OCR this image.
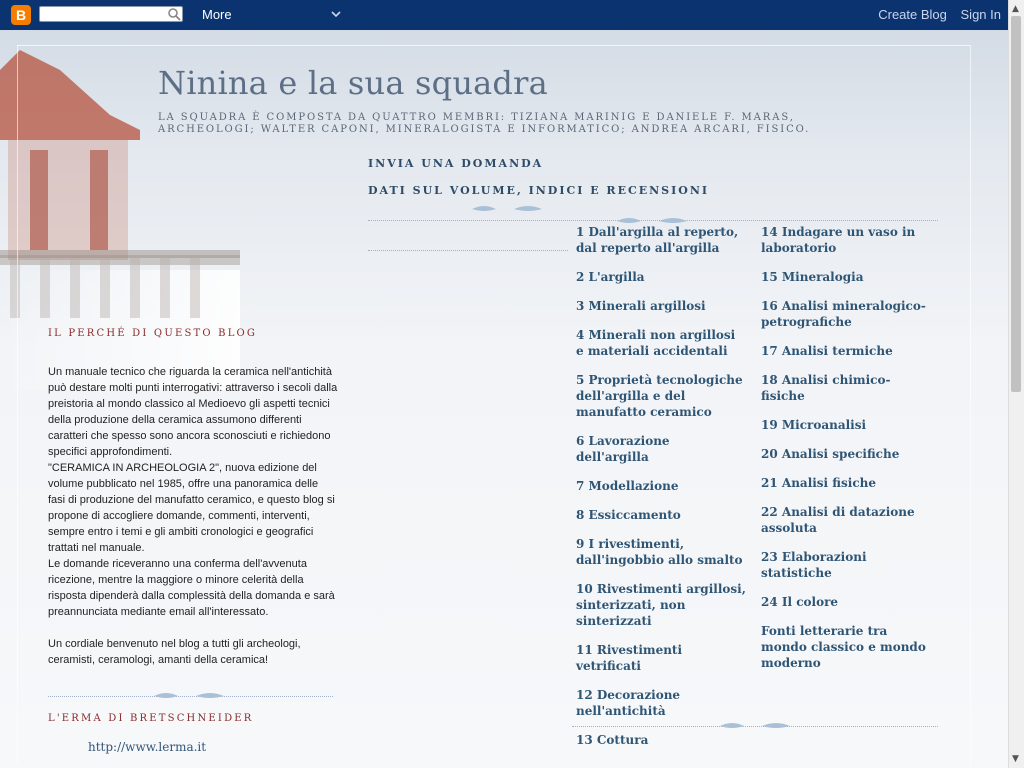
B	More	Create Blog Sign In ▲
▼
Ninina e la sua squadra
LA SQUADRA È COMPOSTA DA QUATTRO MEMBRI: TIZIANA MARINIG E DANIELE F. MARAS, ARCHEOLOGI; WALTER CAPONI, MINERALOGISTA E INFORMATICO; ANDREA ARCARI, FISICO.
INVIA UNA DOMANDA
DATI SUL VOLUME, INDICI E RECENSIONI
IL PERCHÉ DI QUESTO BLOG

Un manuale tecnico che riguarda la ceramica nell'antichità può destare molti punti interrogativi: attraverso i secoli dalla preistoria al mondo classico al Medioevo gli aspetti tecnici della produzione della ceramica assumono differenti caratteri che spesso sono ancora sconosciuti e richiedono specifici approfondimenti.

"CERAMICA IN ARCHEOLOGIA 2", nuova edizione del volume pubblicato nel 1985, offre una panoramica delle fasi di produzione del manufatto ceramico, e questo blog si propone di accogliere domande, commenti, interventi, sempre entro i temi e gli ambiti cronologici e geografici trattati nel manuale.

Le domande riceveranno una conferma dell'avvenuta ricezione, mentre la maggiore o minore celerità della risposta dipenderà dalla complessità della domanda e sarà preannunciata mediante email all'interessato.

Un cordiale benvenuto nel blog a tutti gli archeologi, ceramisti, ceramologi, amanti della ceramica!

L'ERMA DI BRETSCHNEIDER
http://www.lerma.it
1 Dall'argilla al reperto, dal reperto all'argilla
2 L'argilla
3 Minerali argillosi
4 Minerali non argillosi e materiali accidentali
5 Proprietà tecnologiche dell'argilla e del manufatto ceramico
6 Lavorazione dell'argilla
7 Modellazione
8 Essiccamento
9 I rivestimenti, dall'ingobbio allo smalto
10 Rivestimenti argillosi, sinterizzati, non sinterizzati
11 Rivestimenti vetrificati
12 Decorazione nell'antichità
13 Cottura
14 Indagare un vaso in laboratorio
15 Mineralogia
16 Analisi mineralogico-petrografiche
17 Analisi termiche
18 Analisi chimico-fisiche
19 Microanalisi
20 Analisi specifiche
21 Analisi fisiche
22 Analisi di datazione assoluta
23 Elaborazioni statistiche
24 Il colore
Fonti letterarie tra mondo classico e mondo moderno
